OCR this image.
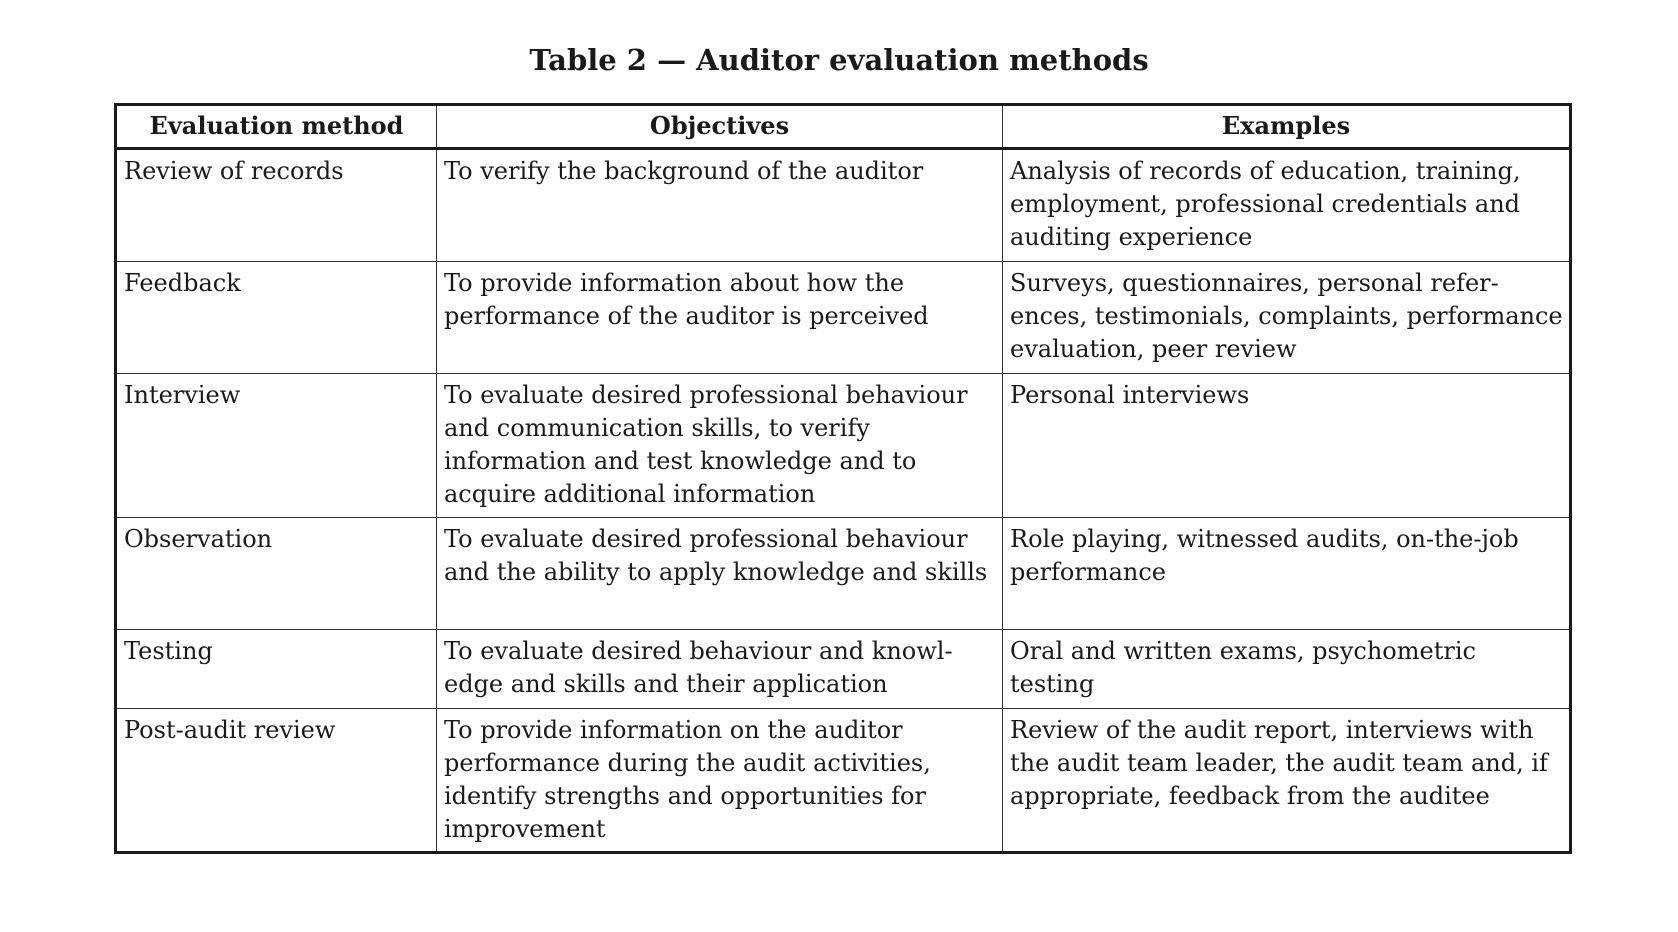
Table 2 — Auditor evaluation methods
Evaluation method	Objectives	Examples
Review of records	To verify the background of the auditor	Analysis of records of education, training, employment, professional credentials and auditing experience
Feedback	To provide information about how the performance of the auditor is perceived	Surveys, questionnaires, personal references, testimonials, complaints, performance evaluation, peer review
Interview	To evaluate desired professional behaviour and communication skills, to verify information and test knowledge and to acquire additional information	Personal interviews
Observation	To evaluate desired professional behaviour and the ability to apply knowledge and skills	Role playing, witnessed audits, on-the-job performance
Testing	To evaluate desired behaviour and knowledge and skills and their application	Oral and written exams, psychometric testing
Post-audit review	To provide information on the auditor performance during the audit activities, identify strengths and opportunities for improvement	Review of the audit report, interviews with the audit team leader, the audit team and, if appropriate, feedback from the auditee
